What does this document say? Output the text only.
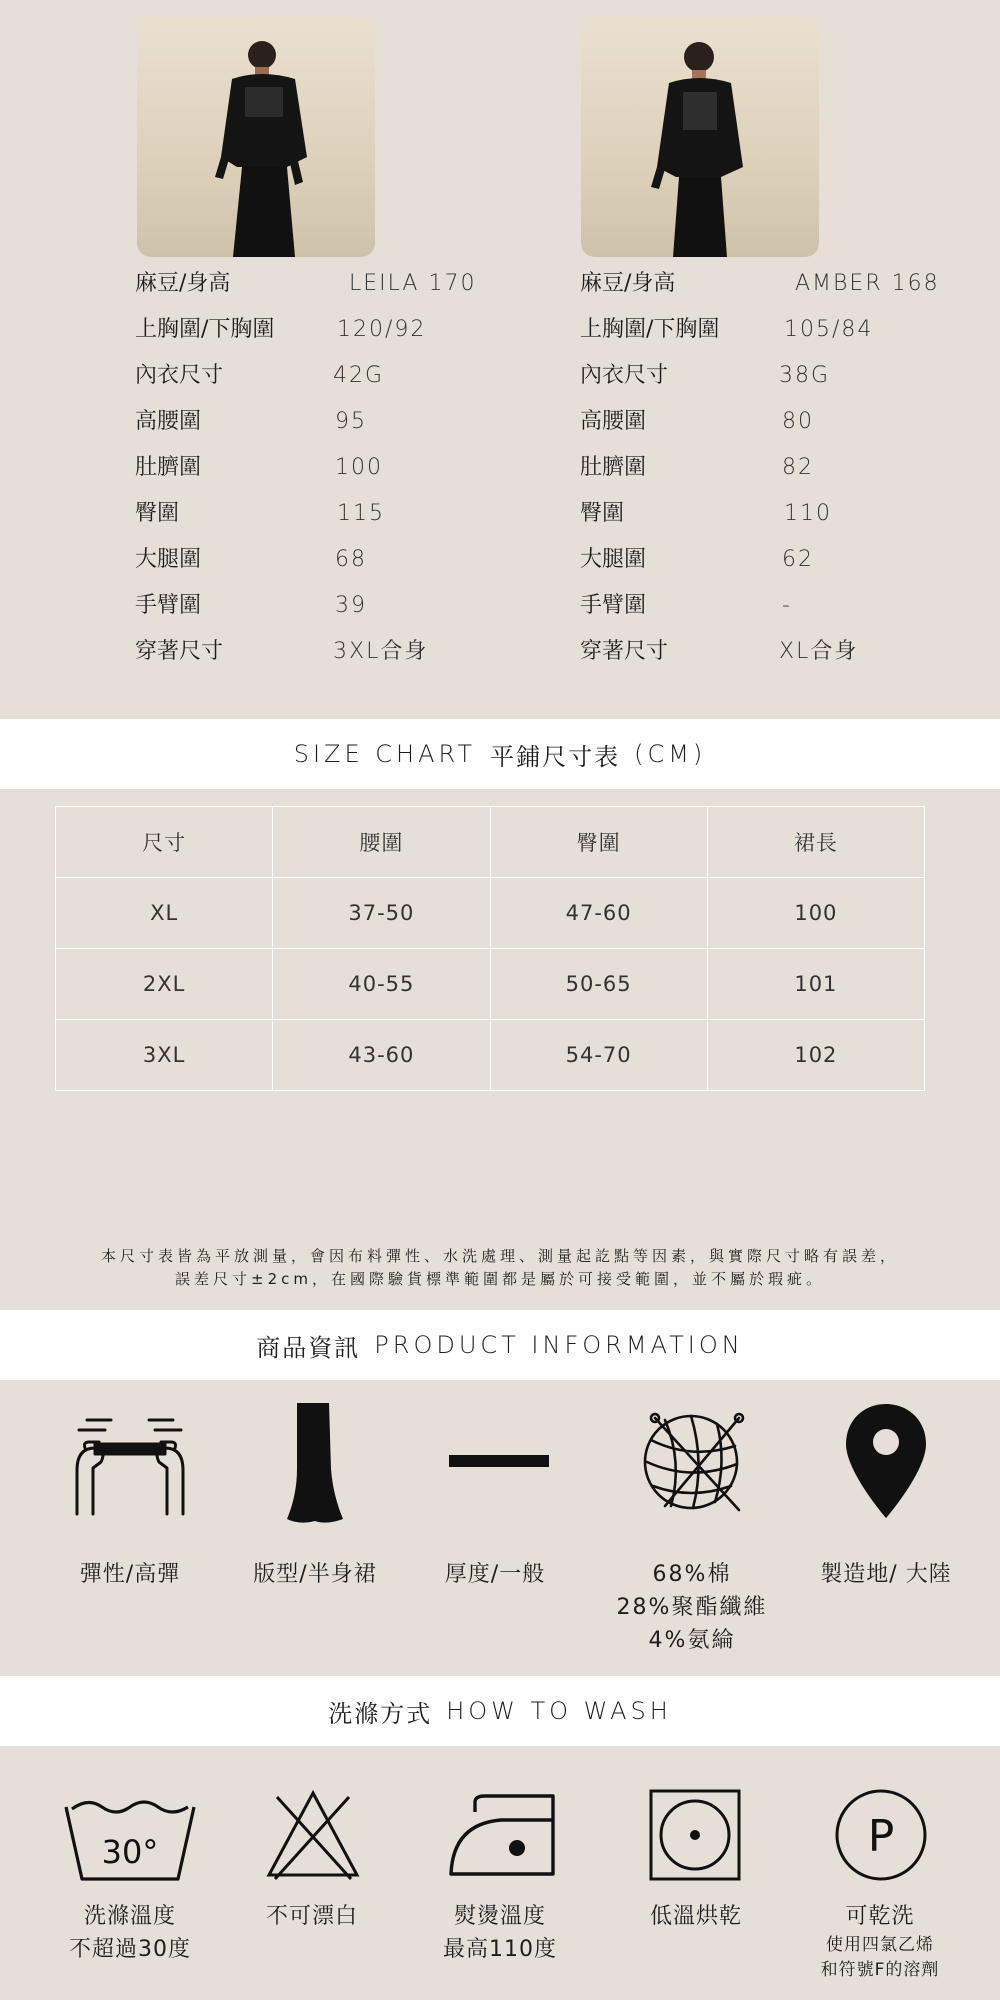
麻豆/身高	LEILA 170
上胸圍/下胸圍	120/92
內衣尺寸	42G
高腰圍	95
肚臍圍	100
臀圍	115
大腿圍	68
手臂圍	39
穿著尺寸	3XL合身
麻豆/身高	AMBER 168
上胸圍/下胸圍	105/84
內衣尺寸	38G
高腰圍	80
肚臍圍	82
臀圍	110
大腿圍	62
手臂圍	-
穿著尺寸	XL合身
SIZE CHART 平鋪尺寸表 (CM)
尺寸	腰圍	臀圍	裙長
XL	37-50	47-60	100
2XL	40-55	50-65	101
3XL	43-60	54-70	102
本尺寸表皆為平放測量，會因布料彈性、水洗處理、測量起訖點等因素，與實際尺寸略有誤差，
誤差尺寸±2cm，在國際驗貨標準範圍都是屬於可接受範圍，並不屬於瑕疵。
商品資訊 PRODUCT INFORMATION
彈性/高彈	版型/半身裙	厚度/一般	68%棉
28%聚酯纖維
4%氨綸
製造地/ 大陸
洗滌方式 HOW TO WASH
30°	P
洗滌溫度
不超過30度
不可漂白	熨燙溫度
最高110度
低溫烘乾	可乾洗
使用四氯乙烯
和符號F的溶劑
